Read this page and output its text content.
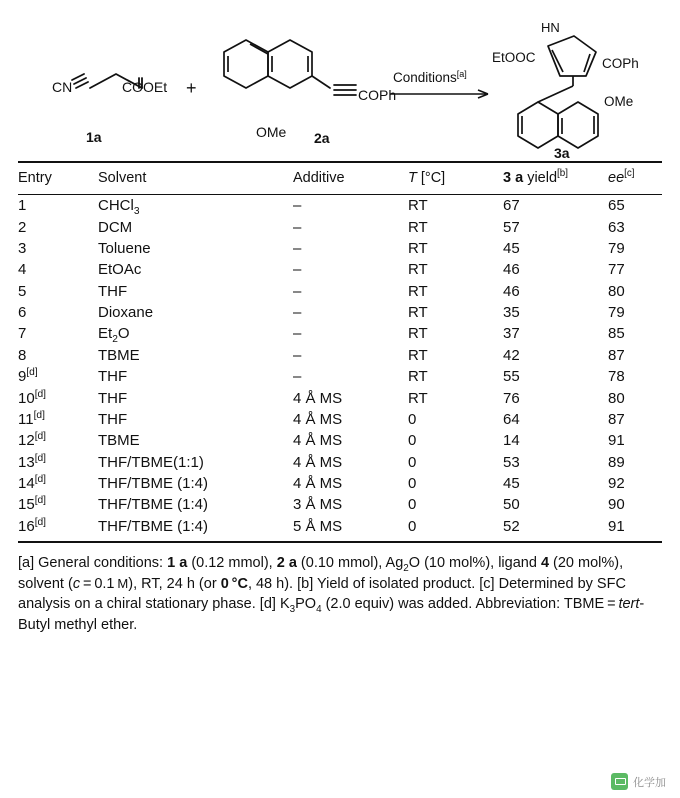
CN	COOEt
1a
+	COPh
OMe 2a
Conditions[a]
HN
EtOOC	COPh
OMe
3a
Entry	Solvent	Additive	T [°C]	3 a yield[b]	ee[c]
1	CHCl$_3$	–	RT	67	65
2	DCM	–	RT	57	63
3	Toluene	–	RT	45	79
4	EtOAc	–	RT	46	77
5	THF	–	RT	46	80
6	Dioxane	–	RT	35	79
7	$Et_2O$	–	RT	37	85
8	TBME	–	RT	42	87
9[d]	THF	–	RT	55	78
10[d]	THF	4 Å MS	RT	76	80
11[d]	THF	4 Å MS	0	64	87
12[d]	TBME	4 Å MS	0	14	91
13[d]	THF/TBME(1:1)	4 Å MS	0	53	89
14[d]	THF/TBME (1:4)	4 Å MS	0	45	92
15[d]	THF/TBME (1:4)	3 Å MS	0	50	90
16[d]	THF/TBME (1:4)	5 Å MS	0	52	91

[a] General conditions: 1 a (0.12 mmol), 2 a (0.10 mmol), $Ag_2O$ (10 mol%), ligand 4 (20 mol%), solvent (c = 0.1 M), RT, 24 h (or 0 °C, 48 h). [b] Yield of isolated product. [c] Determined by SFC analysis on a chiral stationary phase. [d] $K_3PO_4$ (2.0 equiv) was added. Abbreviation: TBME = tert-Butyl methyl ether.

化学加
